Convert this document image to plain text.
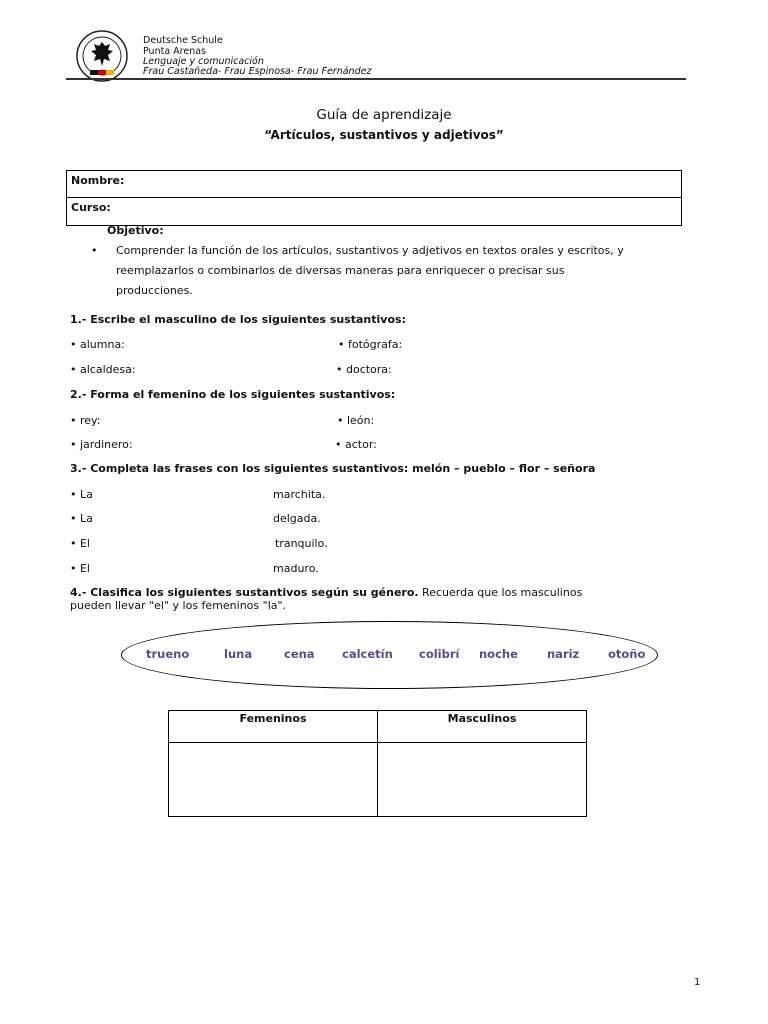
Deutsche Schule
Punta Arenas
Lenguaje y comunicación
Frau Castañeda- Frau Espinosa- Frau Fernández
Guía de aprendizaje
“Artículos, sustantivos y adjetivos”
Nombre:
Curso:
Objetivo:
• Comprender la función de los artículos, sustantivos y adjetivos en textos orales y escritos, y
reemplazarlos o combinarlos de diversas maneras para enriquecer o precisar sus
producciones.
1.- Escribe el masculino de los siguientes sustantivos:
• alumna:	• fotógrafa:
• alcaldesa:	• doctora:
2.- Forma el femenino de los siguientes sustantivos:
• rey:	• león:
• jardinero:	• actor:
3.- Completa las frases con los siguientes sustantivos: melón – pueblo – flor – señora
• La	marchita.
• La	delgada.
• El	tranquilo.
• El	maduro.
4.- Clasifica los siguientes sustantivos según su género. Recuerda que los masculinos
pueden llevar "el" y los femeninos "la".
trueno	luna	cena calcetín colibrí noche	nariz otoño
Femeninos	Masculinos

1
